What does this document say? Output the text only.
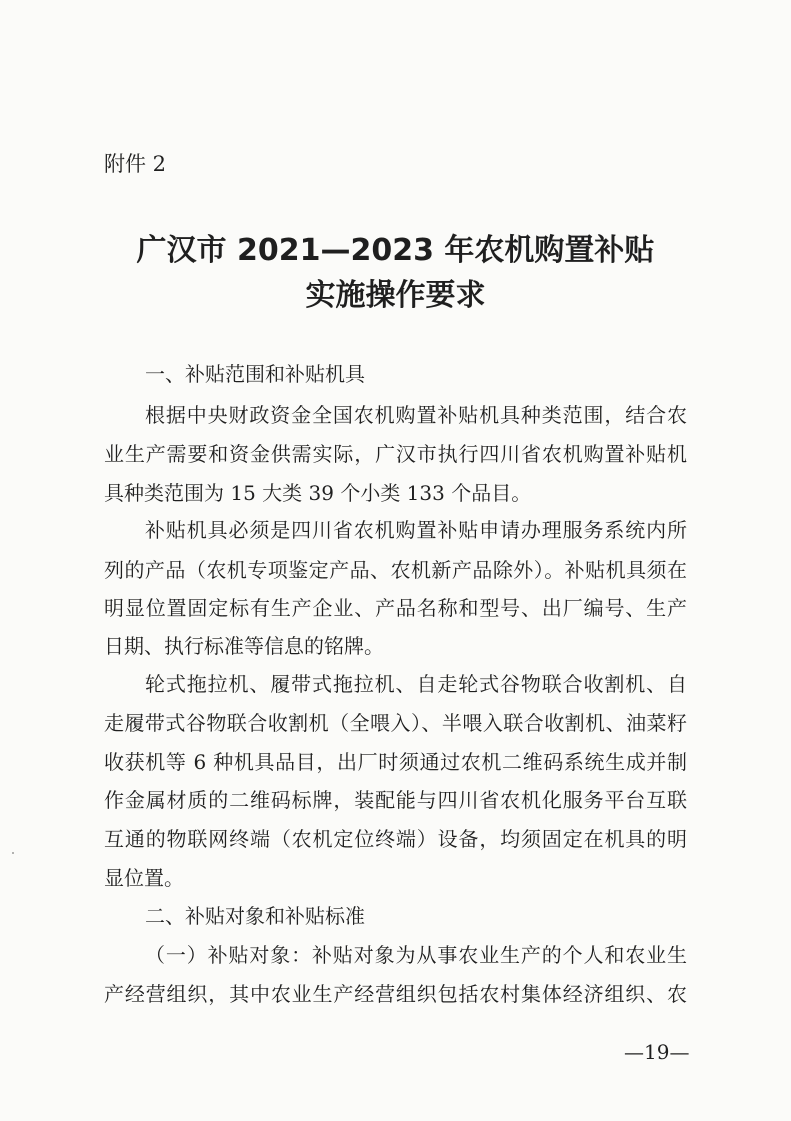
附件 2
广汉市 2021—2023 年农机购置补贴
实施操作要求
一、补贴范围和补贴机具
根据中央财政资金全国农机购置补贴机具种类范围，结合农
业生产需要和资金供需实际，广汉市执行四川省农机购置补贴机
具种类范围为 15 大类 39 个小类 133 个品目。
补贴机具必须是四川省农机购置补贴申请办理服务系统内所
列的产品（农机专项鉴定产品、农机新产品除外）。补贴机具须在
明显位置固定标有生产企业、产品名称和型号、出厂编号、生产
日期、执行标准等信息的铭牌。
轮式拖拉机、履带式拖拉机、自走轮式谷物联合收割机、自
走履带式谷物联合收割机（全喂入）、半喂入联合收割机、油菜籽
收获机等 6 种机具品目，出厂时须通过农机二维码系统生成并制
作金属材质的二维码标牌，装配能与四川省农机化服务平台互联
互通的物联网终端（农机定位终端）设备，均须固定在机具的明
显位置。
二、补贴对象和补贴标准
（一）补贴对象：补贴对象为从事农业生产的个人和农业生
产经营组织，其中农业生产经营组织包括农村集体经济组织、农
—19—
